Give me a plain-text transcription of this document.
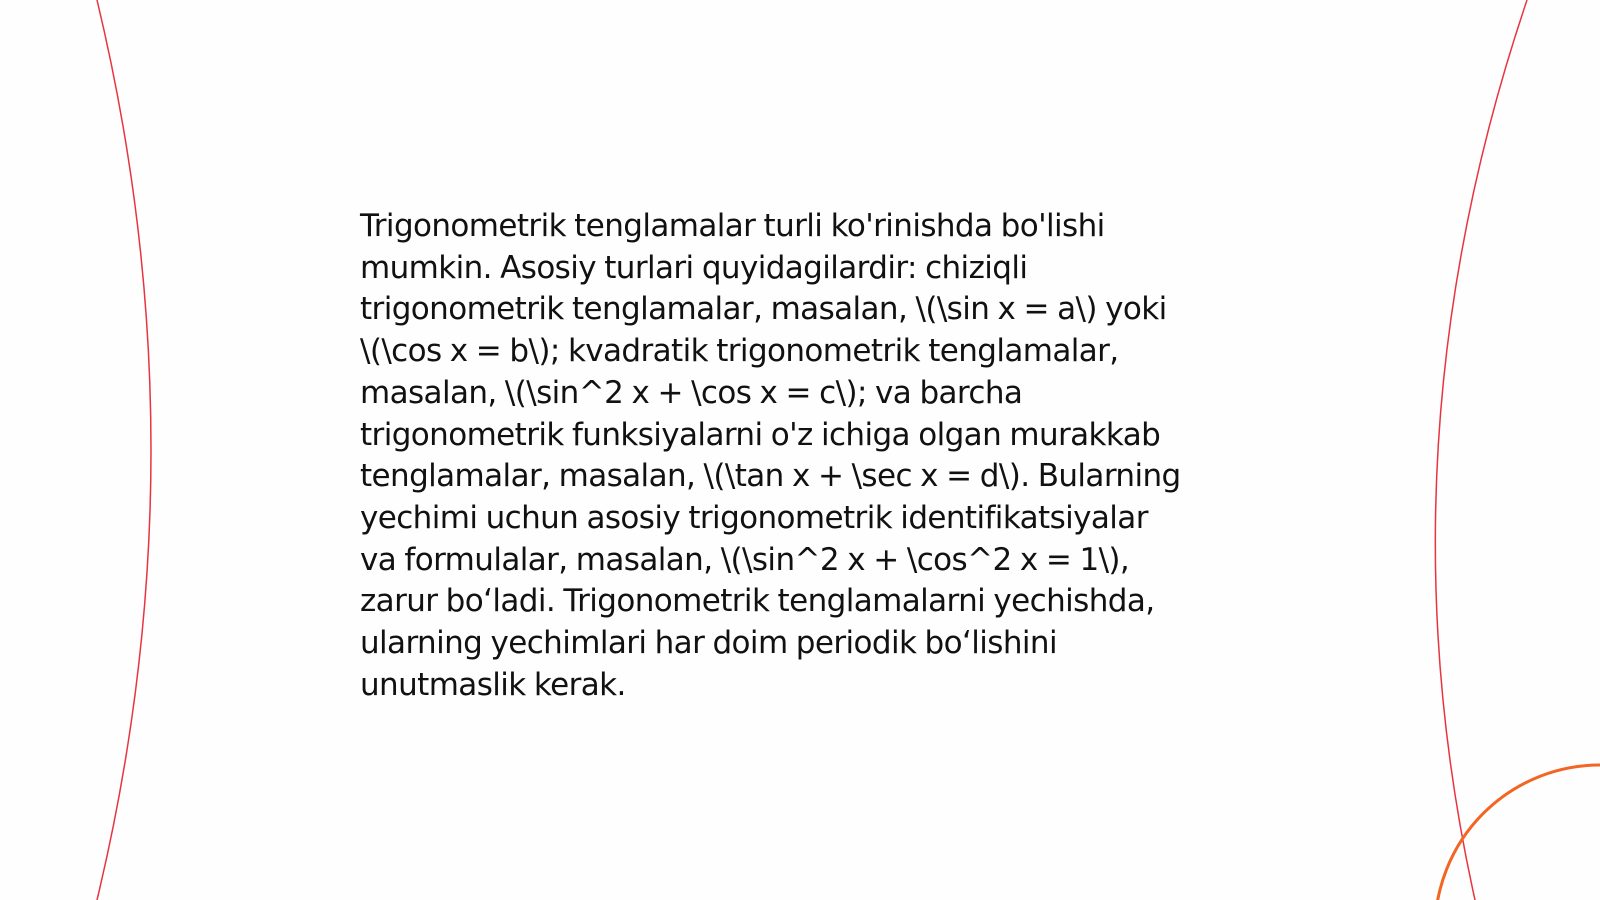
Trigonometrik tenglamalar turli ko'rinishda bo'lishi
mumkin. Asosiy turlari quyidagilardir: chiziqli
trigonometrik tenglamalar, masalan, \(\sin x = a\) yoki
\(\cos x = b\); kvadratik trigonometrik tenglamalar,
masalan, \(\sin^2 x + \cos x = c\); va barcha
trigonometrik funksiyalarni o'z ichiga olgan murakkab
tenglamalar, masalan, \(\tan x + \sec x = d\). Bularning
yechimi uchun asosiy trigonometrik identifikatsiyalar
va formulalar, masalan, \(\sin^2 x + \cos^2 x = 1\),
zarur boʻladi. Trigonometrik tenglamalarni yechishda,
ularning yechimlari har doim periodik boʻlishini
unutmaslik kerak.
